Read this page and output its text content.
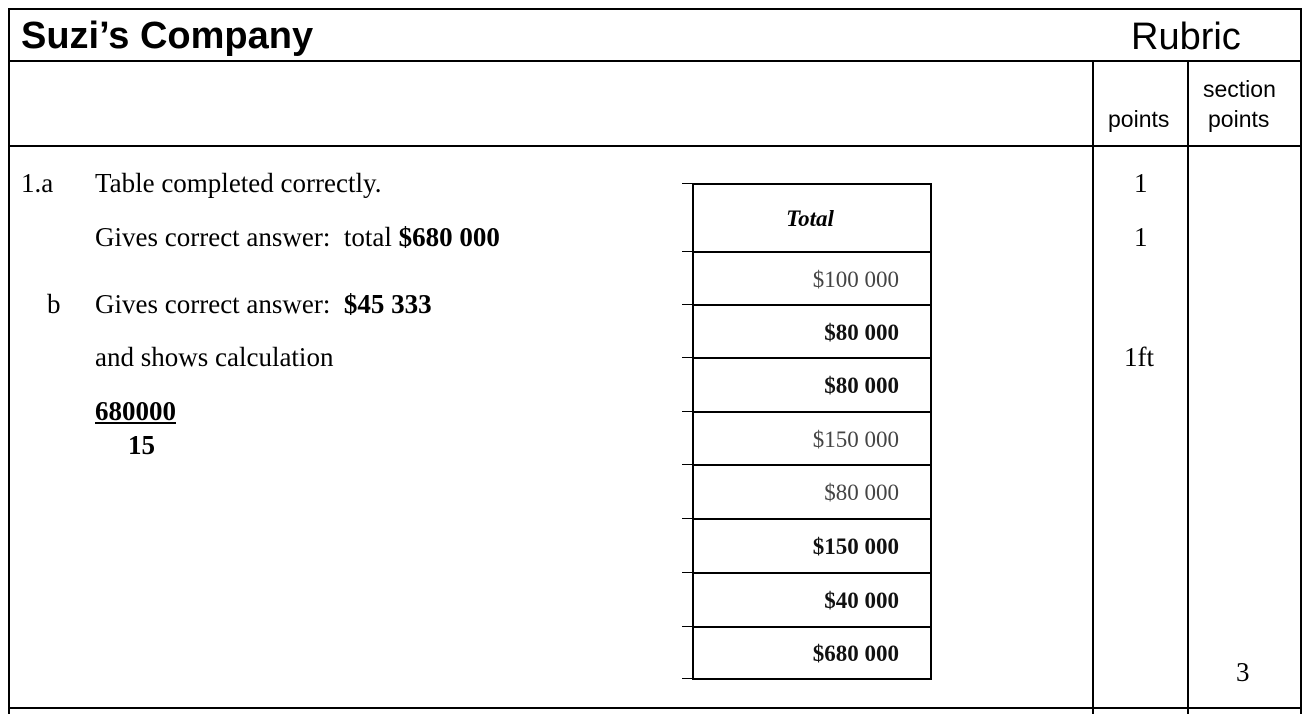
Suzi’s Company	Rubric
points
section
points
1.a Table completed correctly.
Gives correct answer:  total $680 000
b Gives correct answer:  $45 333
and shows calculation
680000
15
1
1
1ft
3
Total
$100 000
$80 000
$80 000
$150 000
$80 000
$150 000
$40 000
$680 000
